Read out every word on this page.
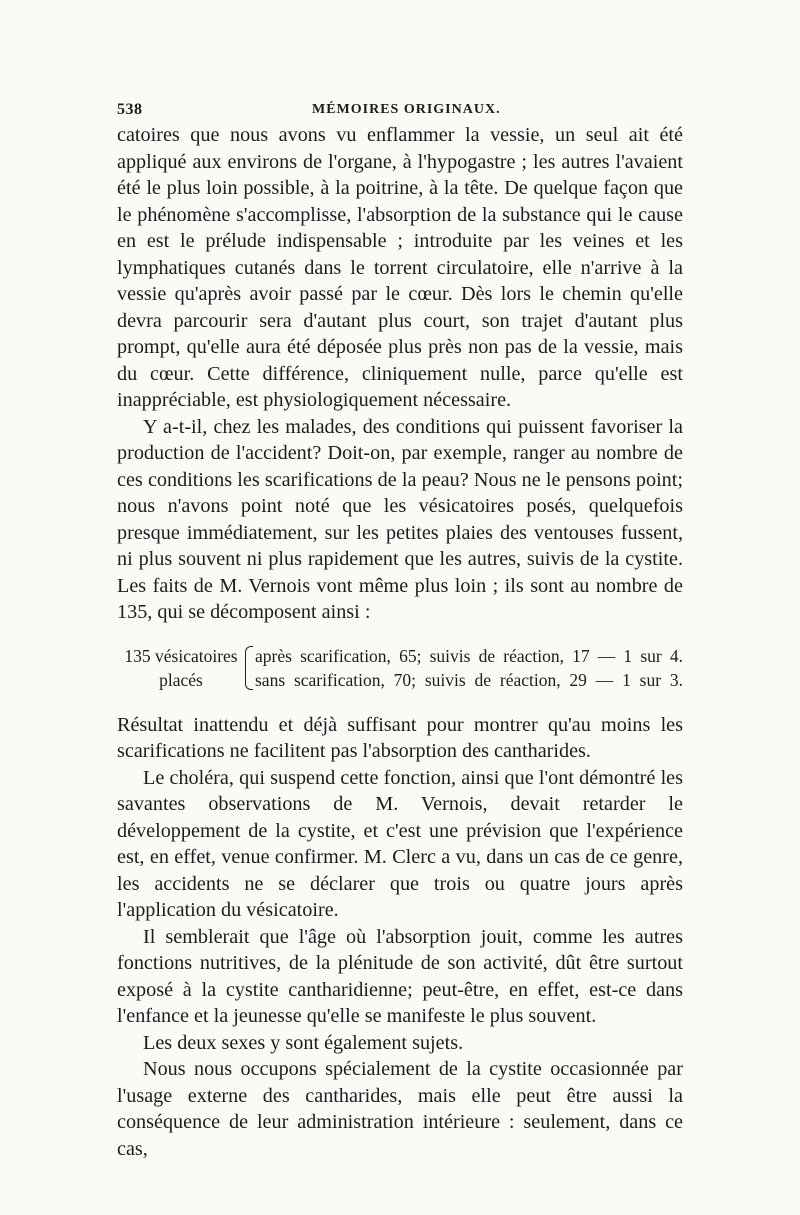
538	MÉMOIRES ORIGINAUX.

catoires que nous avons vu enflammer la vessie, un seul ait été appliqué aux environs de l'organe, à l'hypogastre ; les autres l'avaient été le plus loin possible, à la poitrine, à la tête. De quelque façon que le phénomène s'accomplisse, l'absorption de la substance qui le cause en est le prélude indispensable ; introduite par les veines et les lymphatiques cutanés dans le torrent circulatoire, elle n'arrive à la vessie qu'après avoir passé par le cœur. Dès lors le chemin qu'elle devra parcourir sera d'autant plus court, son trajet d'autant plus prompt, qu'elle aura été déposée plus près non pas de la vessie, mais du cœur. Cette différence, cliniquement nulle, parce qu'elle est inappréciable, est physiologiquement nécessaire.

Y a-t-il, chez les malades, des conditions qui puissent favoriser la production de l'accident? Doit-on, par exemple, ranger au nombre de ces conditions les scarifications de la peau? Nous ne le pensons point; nous n'avons point noté que les vésicatoires posés, quelquefois presque immédiatement, sur les petites plaies des ventouses fussent, ni plus souvent ni plus rapidement que les autres, suivis de la cystite. Les faits de M. Vernois vont même plus loin ; ils sont au nombre de 135, qui se décomposent ainsi :

135 vésicatoires
placés
après scarification, 65; suivis de réaction, 17 — 1 sur 4.
sans scarification, 70; suivis de réaction, 29 — 1 sur 3.

Résultat inattendu et déjà suffisant pour montrer qu'au moins les scarifications ne facilitent pas l'absorption des cantharides.

Le choléra, qui suspend cette fonction, ainsi que l'ont démontré les savantes observations de M. Vernois, devait retarder le développement de la cystite, et c'est une prévision que l'expérience est, en effet, venue confirmer. M. Clerc a vu, dans un cas de ce genre, les accidents ne se déclarer que trois ou quatre jours après l'application du vésicatoire.

Il semblerait que l'âge où l'absorption jouit, comme les autres fonctions nutritives, de la plénitude de son activité, dût être surtout exposé à la cystite cantharidienne; peut-être, en effet, est-ce dans l'enfance et la jeunesse qu'elle se manifeste le plus souvent.

Les deux sexes y sont également sujets.

Nous nous occupons spécialement de la cystite occasionnée par l'usage externe des cantharides, mais elle peut être aussi la conséquence de leur administration intérieure : seulement, dans ce cas,
